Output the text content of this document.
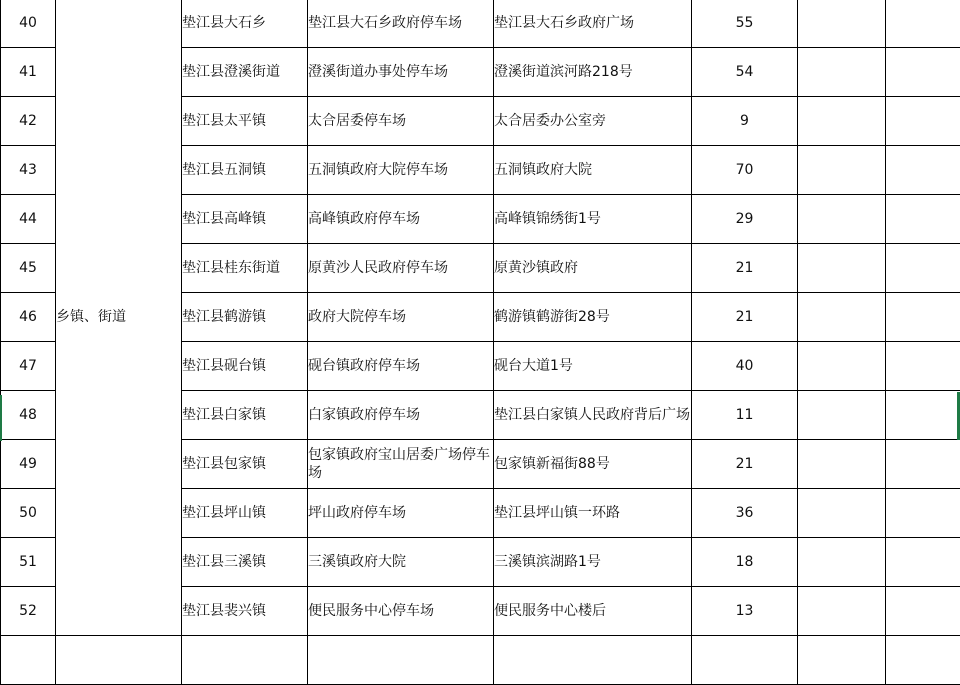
40	乡镇、街道	垫江县大石乡	垫江县大石乡政府停车场	垫江县大石乡政府广场	55		
41		垫江县澄溪街道	澄溪街道办事处停车场	澄溪街道滨河路218号	54		
42		垫江县太平镇	太合居委停车场	太合居委办公室旁	9		
43		垫江县五洞镇	五洞镇政府大院停车场	五洞镇政府大院	70		
44		垫江县高峰镇	高峰镇政府停车场	高峰镇锦绣街1号	29		
45		垫江县桂东街道	原黄沙人民政府停车场	原黄沙镇政府	21		
46		垫江县鹤游镇	政府大院停车场	鹤游镇鹤游街28号	21		
47		垫江县砚台镇	砚台镇政府停车场	砚台大道1号	40		
48		垫江县白家镇	白家镇政府停车场	垫江县白家镇人民政府背后广场	11		
49		垫江县包家镇	包家镇政府宝山居委广场停车场	包家镇新福街88号	21		
50		垫江县坪山镇	坪山政府停车场	垫江县坪山镇一环路	36		
51		垫江县三溪镇	三溪镇政府大院	三溪镇滨湖路1号	18		
52		垫江县裴兴镇	便民服务中心停车场	便民服务中心楼后	13		
